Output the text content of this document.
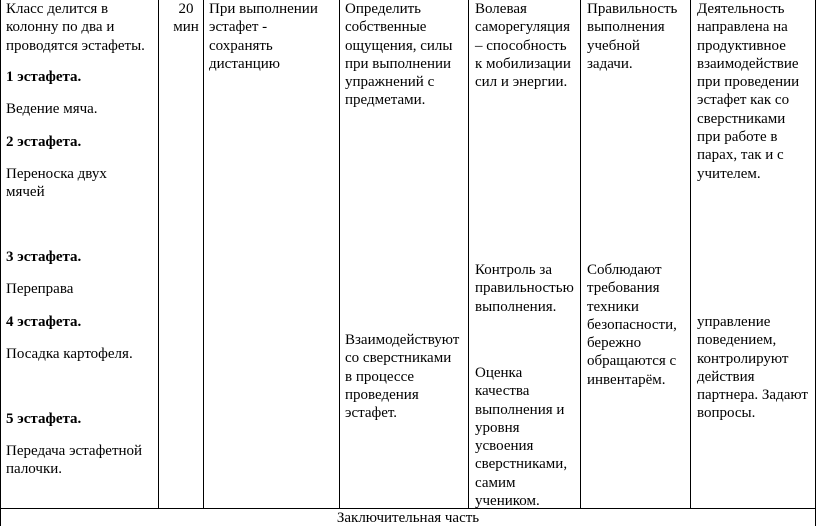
Класс делится в
колонну по два и
проводятся эстафеты.

1 эстафета.

Ведение мяча.

2 эстафета.

Переноска двух
мячей

3 эстафета.

Переправа

4 эстафета.

Посадка картофеля.

5 эстафета.

Передача эстафетной
палочки.

20
мин

При выполнении
эстафет -
сохранять
дистанцию

Определить
собственные
ощущения, силы
при выполнении
упражнений с
предметами.

Взаимодействуют
со сверстниками
в процессе
проведения
эстафет.

Волевая
саморегуляция
– способность
к мобилизации
сил и энергии.

Контроль за
правильностью
выполнения.

Оценка
качества
выполнения и
уровня
усвоения
сверстниками,
самим
учеником.

Правильность
выполнения
учебной
задачи.

Соблюдают
требования
техники
безопасности,
бережно
обращаются с
инвентарём.

Деятельность
направлена на
продуктивное
взаимодействие
при проведении
эстафет как со
сверстниками
при работе в
парах, так и с
учителем.

управление
поведением,
контролируют
действия
партнера. Задают
вопросы.

Заключительная часть
